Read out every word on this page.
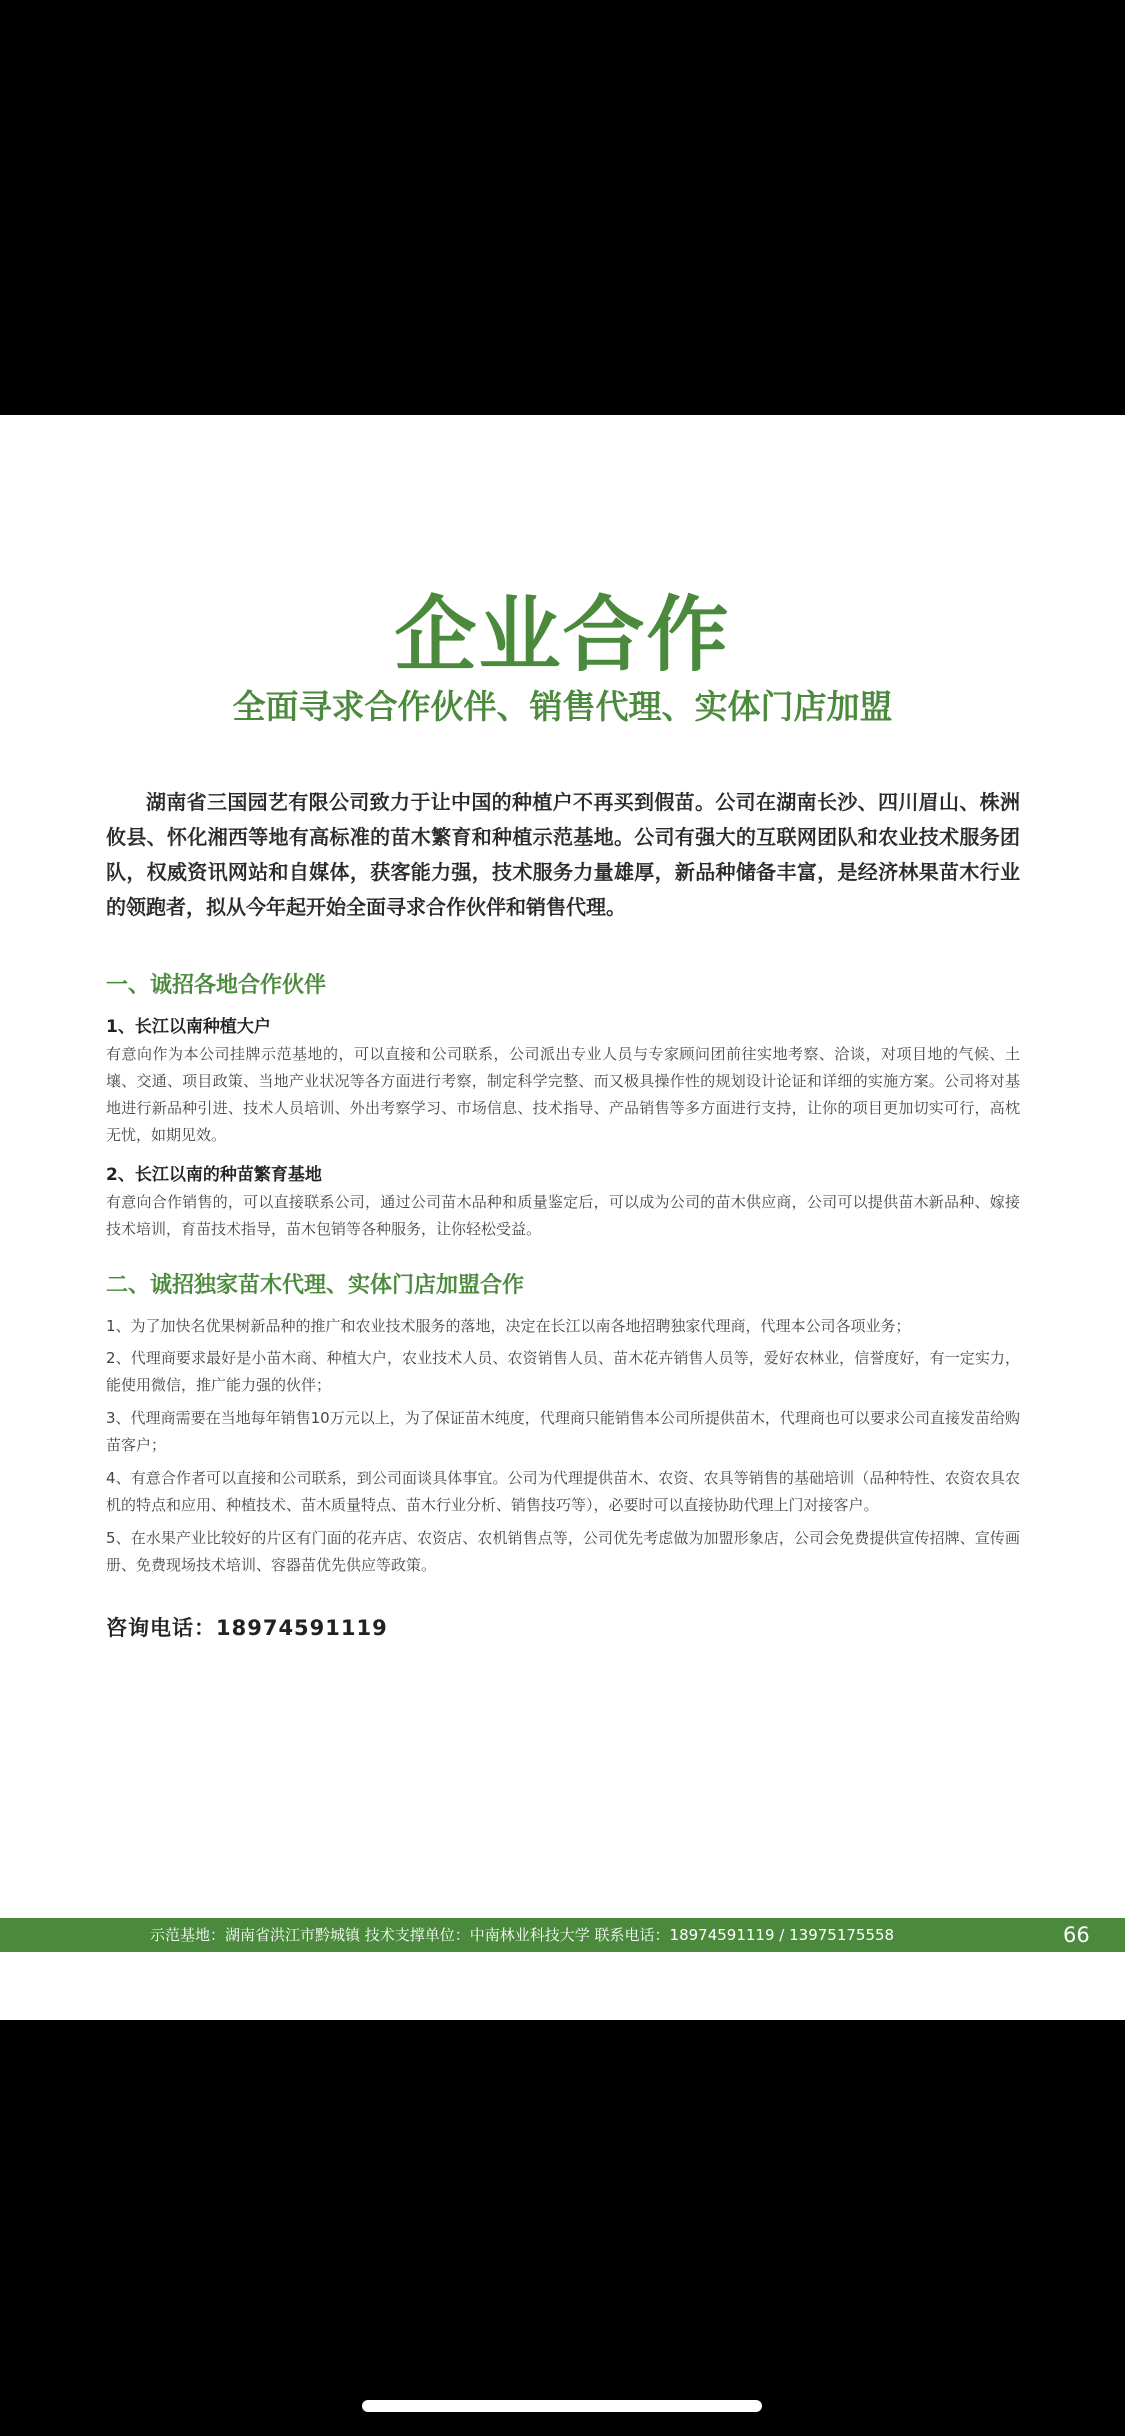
企业合作
全面寻求合作伙伴、销售代理、实体门店加盟
湖南省三国园艺有限公司致力于让中国的种植户不再买到假苗。公司在湖南长沙、四川眉山、株洲攸县、怀化湘西等地有高标准的苗木繁育和种植示范基地。公司有强大的互联网团队和农业技术服务团队，权威资讯网站和自媒体，获客能力强，技术服务力量雄厚，新品种储备丰富，是经济林果苗木行业的领跑者，拟从今年起开始全面寻求合作伙伴和销售代理。
一、诚招各地合作伙伴
1、长江以南种植大户
有意向作为本公司挂牌示范基地的，可以直接和公司联系，公司派出专业人员与专家顾问团前往实地考察、洽谈，对项目地的气候、土壤、交通、项目政策、当地产业状况等各方面进行考察，制定科学完整、而又极具操作性的规划设计论证和详细的实施方案。公司将对基地进行新品种引进、技术人员培训、外出考察学习、市场信息、技术指导、产品销售等多方面进行支持，让你的项目更加切实可行，高枕无忧，如期见效。
2、长江以南的种苗繁育基地
有意向合作销售的，可以直接联系公司，通过公司苗木品种和质量鉴定后，可以成为公司的苗木供应商，公司可以提供苗木新品种、嫁接技术培训，育苗技术指导，苗木包销等各种服务，让你轻松受益。
二、诚招独家苗木代理、实体门店加盟合作
1、为了加快名优果树新品种的推广和农业技术服务的落地，决定在长江以南各地招聘独家代理商，代理本公司各项业务；
2、代理商要求最好是小苗木商、种植大户，农业技术人员、农资销售人员、苗木花卉销售人员等，爱好农林业，信誉度好，有一定实力，能使用微信，推广能力强的伙伴；
3、代理商需要在当地每年销售10万元以上，为了保证苗木纯度，代理商只能销售本公司所提供苗木，代理商也可以要求公司直接发苗给购苗客户；
4、有意合作者可以直接和公司联系，到公司面谈具体事宜。公司为代理提供苗木、农资、农具等销售的基础培训（品种特性、农资农具农机的特点和应用、种植技术、苗木质量特点、苗木行业分析、销售技巧等），必要时可以直接协助代理上门对接客户。
5、在水果产业比较好的片区有门面的花卉店、农资店、农机销售点等，公司优先考虑做为加盟形象店，公司会免费提供宣传招牌、宣传画册、免费现场技术培训、容器苗优先供应等政策。
咨询电话：18974591119
示范基地：湖南省洪江市黔城镇 技术支撑单位：中南林业科技大学 联系电话：18974591119 / 13975175558	66
